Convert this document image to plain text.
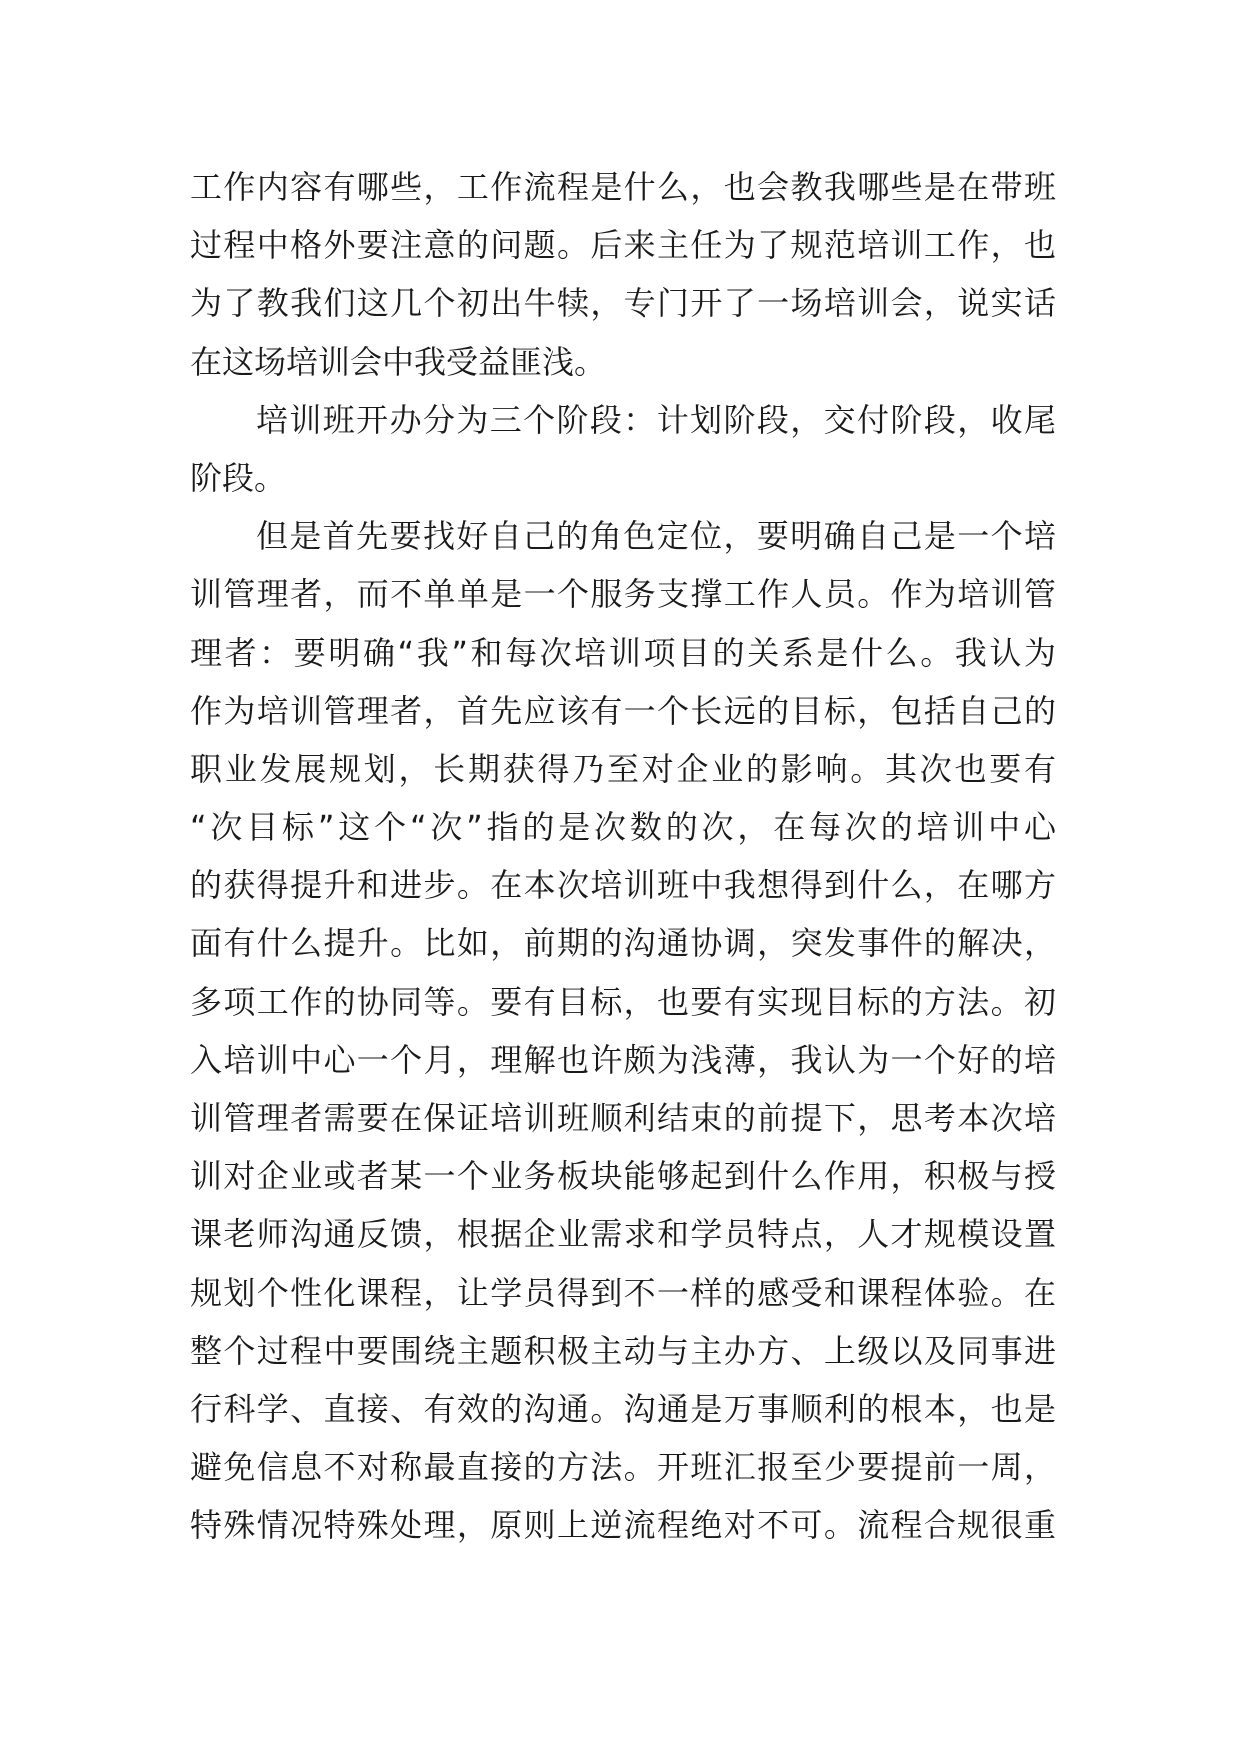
工作内容有哪些，工作流程是什么，也会教我哪些是在带班
过程中格外要注意的问题。后来主任为了规范培训工作，也
为了教我们这几个初出牛犊，专门开了一场培训会，说实话
在这场培训会中我受益匪浅。
培训班开办分为三个阶段：计划阶段，交付阶段，收尾
阶段。
但是首先要找好自己的角色定位，要明确自己是一个培
训管理者，而不单单是一个服务支撑工作人员。作为培训管
理者：要明确“我”和每次培训项目的关系是什么。我认为
作为培训管理者，首先应该有一个长远的目标，包括自己的
职业发展规划，长期获得乃至对企业的影响。其次也要有
“次目标”这个“次”指的是次数的次，在每次的培训中心
的获得提升和进步。在本次培训班中我想得到什么，在哪方
面有什么提升。比如，前期的沟通协调，突发事件的解决，
多项工作的协同等。要有目标，也要有实现目标的方法。初
入培训中心一个月，理解也许颇为浅薄，我认为一个好的培
训管理者需要在保证培训班顺利结束的前提下，思考本次培
训对企业或者某一个业务板块能够起到什么作用，积极与授
课老师沟通反馈，根据企业需求和学员特点，人才规模设置
规划个性化课程，让学员得到不一样的感受和课程体验。在
整个过程中要围绕主题积极主动与主办方、上级以及同事进
行科学、直接、有效的沟通。沟通是万事顺利的根本，也是
避免信息不对称最直接的方法。开班汇报至少要提前一周，
特殊情况特殊处理，原则上逆流程绝对不可。流程合规很重
